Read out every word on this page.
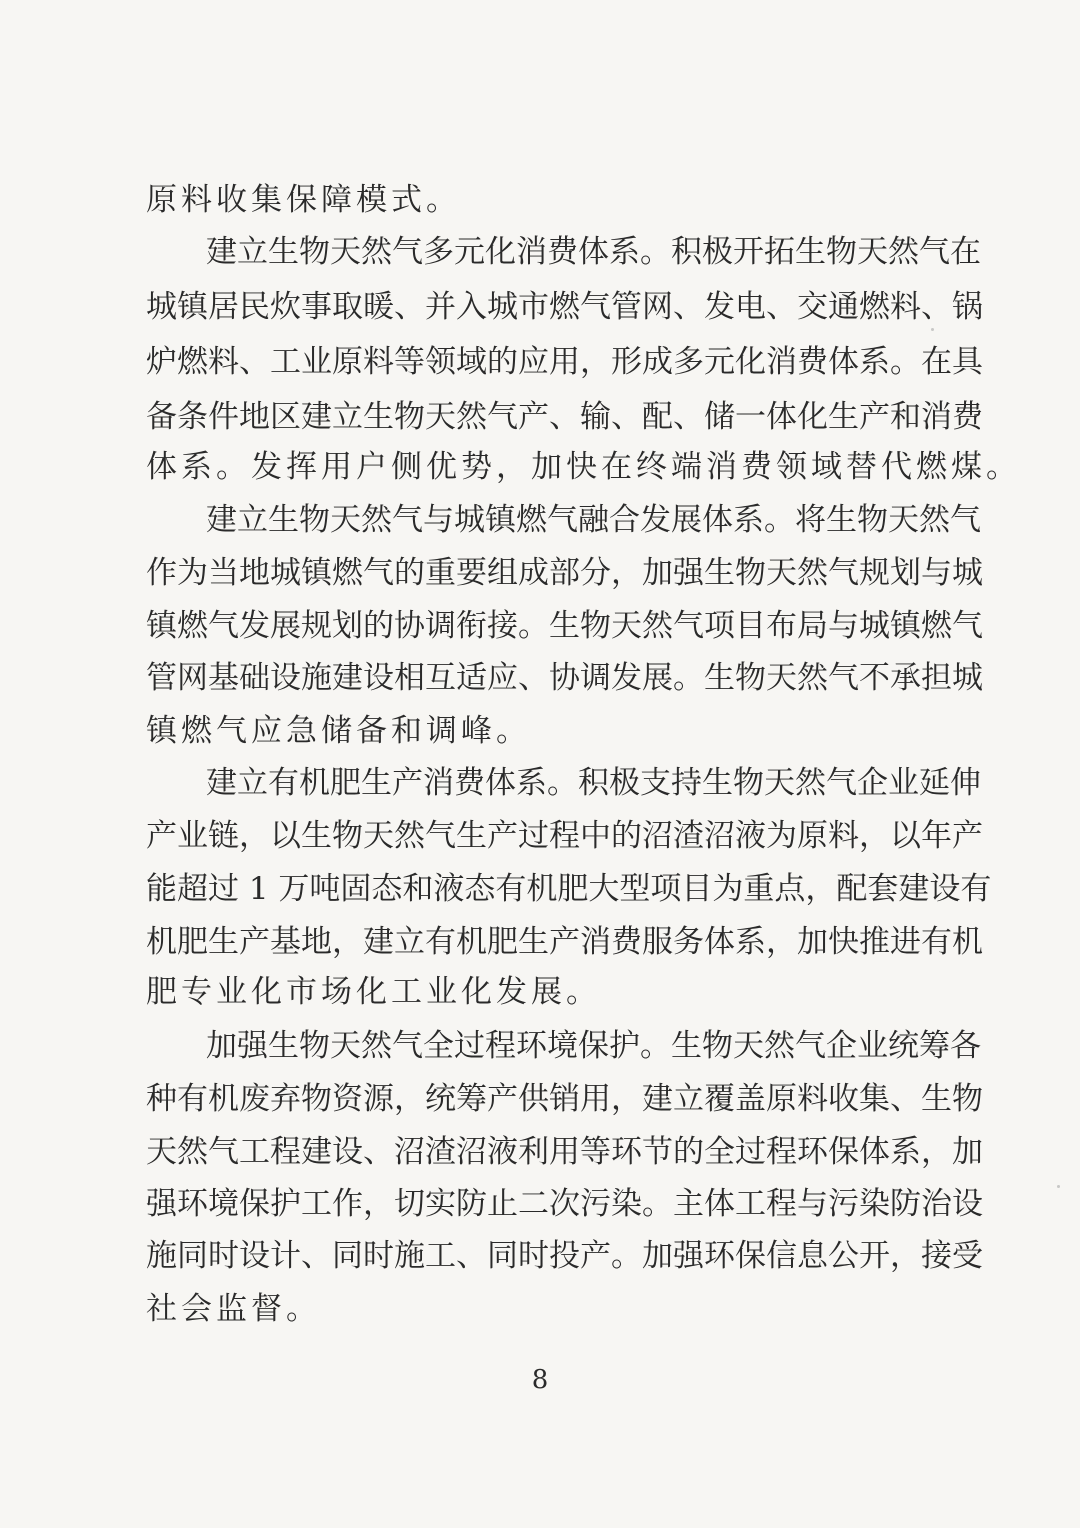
原料收集保障模式。
建立生物天然气多元化消费体系。积极开拓生物天然气在
城镇居民炊事取暖、并入城市燃气管网、发电、交通燃料、锅
炉燃料、工业原料等领域的应用，形成多元化消费体系。在具
备条件地区建立生物天然气产、输、配、储一体化生产和消费
体系。发挥用户侧优势，加快在终端消费领域替代燃煤。
建立生物天然气与城镇燃气融合发展体系。将生物天然气
作为当地城镇燃气的重要组成部分，加强生物天然气规划与城
镇燃气发展规划的协调衔接。生物天然气项目布局与城镇燃气
管网基础设施建设相互适应、协调发展。生物天然气不承担城
镇燃气应急储备和调峰。
建立有机肥生产消费体系。积极支持生物天然气企业延伸
产业链，以生物天然气生产过程中的沼渣沼液为原料，以年产
能超过 1 万吨固态和液态有机肥大型项目为重点，配套建设有
机肥生产基地，建立有机肥生产消费服务体系，加快推进有机
肥专业化市场化工业化发展。
加强生物天然气全过程环境保护。生物天然气企业统筹各
种有机废弃物资源，统筹产供销用，建立覆盖原料收集、生物
天然气工程建设、沼渣沼液利用等环节的全过程环保体系，加
强环境保护工作，切实防止二次污染。主体工程与污染防治设
施同时设计、同时施工、同时投产。加强环保信息公开，接受
社会监督。
8
